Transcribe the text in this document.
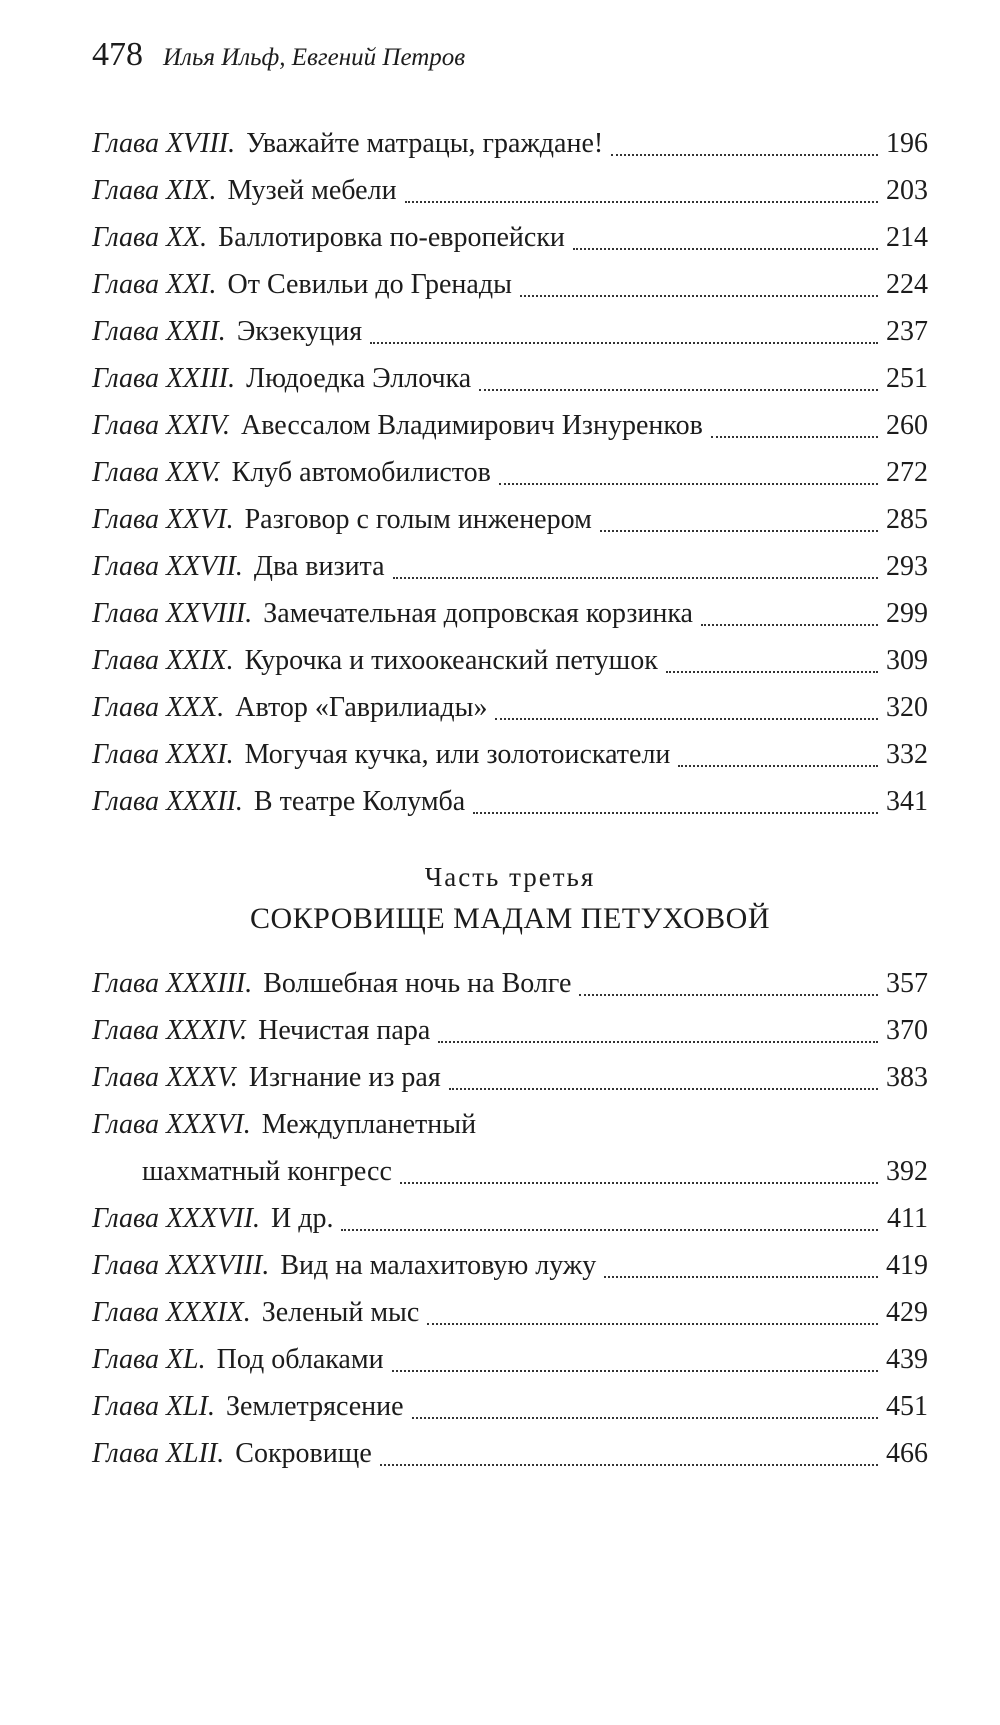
478 Илья Ильф, Евгений Петров
Глава XVIII. Уважайте матрацы, граждане!	196
Глава XIX. Музей мебели	203
Глава XX. Баллотировка по-европейски	214
Глава XXI. От Севильи до Гренады	224
Глава XXII. Экзекуция	237
Глава XXIII. Людоедка Эллочка	251
Глава XXIV. Авессалом Владимирович Изнуренков	260
Глава XXV. Клуб автомобилистов	272
Глава XXVI. Разговор с голым инженером	285
Глава XXVII. Два визита	293
Глава XXVIII. Замечательная допровская корзинка	299
Глава XXIX. Курочка и тихоокеанский петушок	309
Глава XXX. Автор «Гаврилиады»	320
Глава XXXI. Могучая кучка, или золотоискатели	332
Глава XXXII. В театре Колумба	341
Часть третья
СОКРОВИЩЕ МАДАМ ПЕТУХОВОЙ
Глава XXXIII. Волшебная ночь на Волге	357
Глава XXXIV. Нечистая пара	370
Глава XXXV. Изгнание из рая	383
Глава XXXVI. Междупланетный
шахматный конгресс	392
Глава XXXVII. И др.	411
Глава XXXVIII. Вид на малахитовую лужу	419
Глава XXXIX. Зеленый мыс	429
Глава XL. Под облаками	439
Глава XLI. Землетрясение	451
Глава XLII. Сокровище	466
